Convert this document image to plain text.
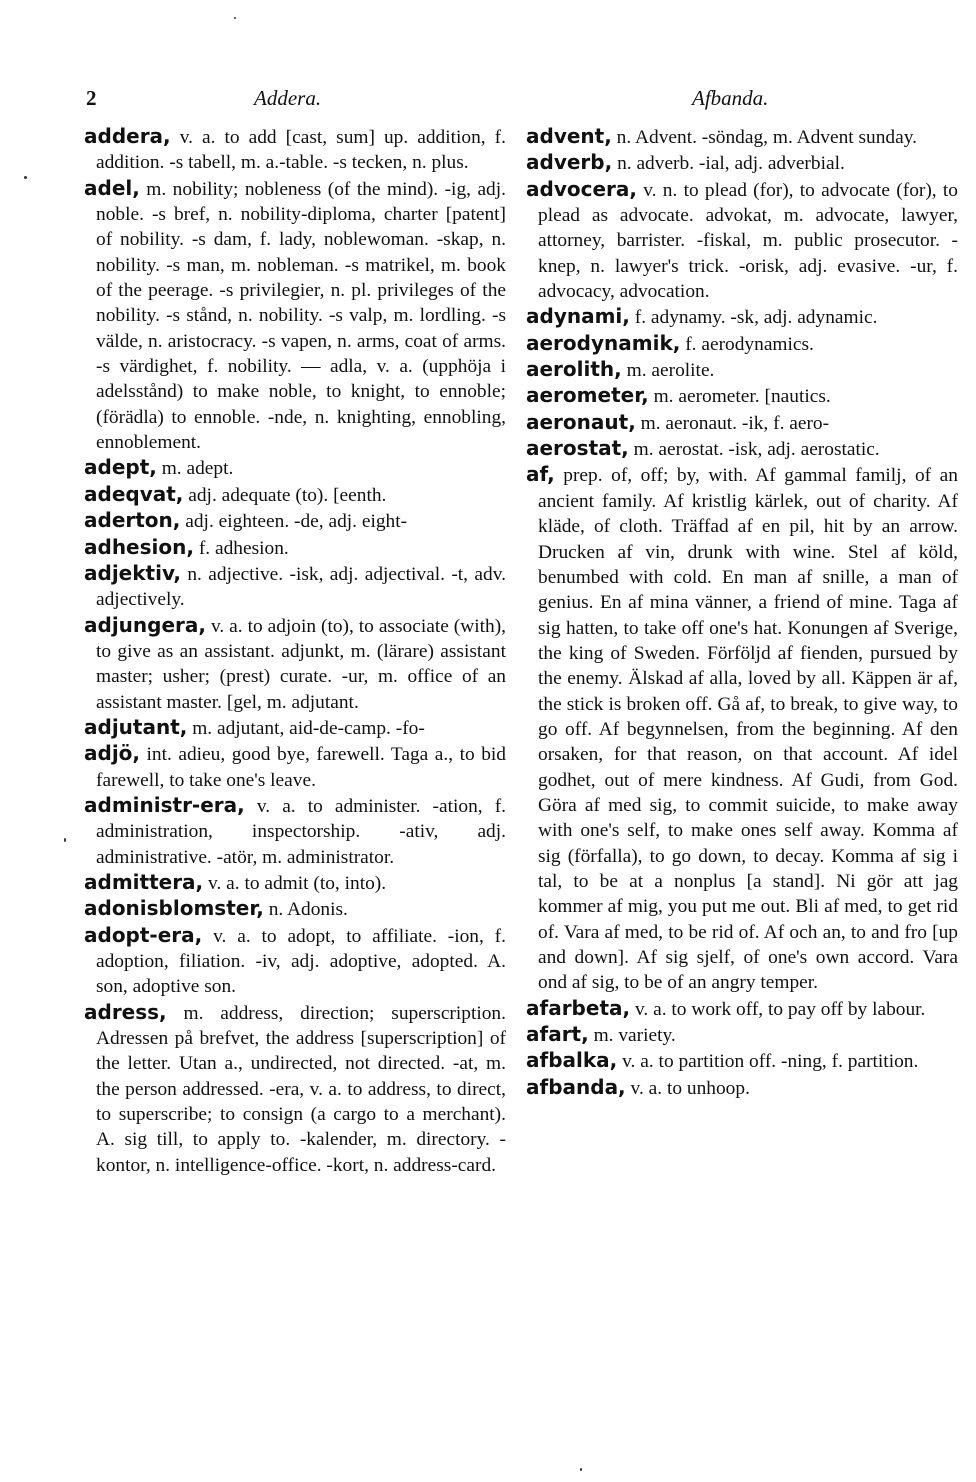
2	Addera.	Afbanda.

addera, v. a. to add [cast, sum] up. addition, f. addition. -s tabell, m. a.-table. -s tecken, n. plus.

adel, m. nobility; nobleness (of the mind). -ig, adj. noble. -s bref, n. nobility-diploma, charter [patent] of nobility. -s dam, f. lady, noblewoman. -skap, n. nobility. -s man, m. nobleman. -s matrikel, m. book of the peerage. -s privilegier, n. pl. privileges of the nobility. -s stånd, n. nobility. -s valp, m. lordling. -s välde, n. aristocracy. -s vapen, n. arms, coat of arms. -s värdighet, f. nobility. — adla, v. a. (upphöja i adelsstånd) to make noble, to knight, to ennoble; (förädla) to ennoble. -nde, n. knighting, ennobling, ennoblement.

adept, m. adept.

adeqvat, adj. adequate (to). [eenth.

aderton, adj. eighteen. -de, adj. eight-

adhesion, f. adhesion.

adjektiv, n. adjective. -isk, adj. adjectival. -t, adv. adjectively.

adjungera, v. a. to adjoin (to), to associate (with), to give as an assistant. adjunkt, m. (lärare) assistant master; usher; (prest) curate. -ur, m. office of an assistant master. [gel, m. adjutant.

adjutant, m. adjutant, aid-de-camp. -fo-

adjö, int. adieu, good bye, farewell. Taga a., to bid farewell, to take one's leave.

administr-era, v. a. to administer. -ation, f. administration, inspectorship. -ativ, adj. administrative. -atör, m. administrator.

admittera, v. a. to admit (to, into).

adonisblomster, n. Adonis.

adopt-era, v. a. to adopt, to affiliate. -ion, f. adoption, filiation. -iv, adj. adoptive, adopted. A. son, adoptive son.

adress, m. address, direction; superscription. Adressen på brefvet, the address [superscription] of the letter. Utan a., undirected, not directed. -at, m. the person addressed. -era, v. a. to address, to direct, to superscribe; to consign (a cargo to a merchant). A. sig till, to apply to. -kalender, m. directory. -kontor, n. intelligence-office. -kort, n. address-card.

advent, n. Advent. -söndag, m. Advent sunday.

adverb, n. adverb. -ial, adj. adverbial.

advocera, v. n. to plead (for), to advocate (for), to plead as advocate. advokat, m. advocate, lawyer, attorney, barrister. -fiskal, m. public prosecutor. -knep, n. lawyer's trick. -orisk, adj. evasive. -ur, f. advocacy, advocation.

adynami, f. adynamy. -sk, adj. adynamic.

aerodynamik, f. aerodynamics.

aerolith, m. aerolite.

aerometer, m. aerometer. [nautics.

aeronaut, m. aeronaut. -ik, f. aero-

aerostat, m. aerostat. -isk, adj. aerostatic.

af, prep. of, off; by, with. Af gammal familj, of an ancient family. Af kristlig kärlek, out of charity. Af kläde, of cloth. Träffad af en pil, hit by an arrow. Drucken af vin, drunk with wine. Stel af köld, benumbed with cold. En man af snille, a man of genius. En af mina vänner, a friend of mine. Taga af sig hatten, to take off one's hat. Konungen af Sverige, the king of Sweden. Förföljd af fienden, pursued by the enemy. Älskad af alla, loved by all. Käppen är af, the stick is broken off. Gå af, to break, to give way, to go off. Af begynnelsen, from the beginning. Af den orsaken, for that reason, on that account. Af idel godhet, out of mere kindness. Af Gudi, from God. Göra af med sig, to commit suicide, to make away with one's self, to make ones self away. Komma af sig (förfalla), to go down, to decay. Komma af sig i tal, to be at a nonplus [a stand]. Ni gör att jag kommer af mig, you put me out. Bli af med, to get rid of. Vara af med, to be rid of. Af och an, to and fro [up and down]. Af sig sjelf, of one's own accord. Vara ond af sig, to be of an angry temper.

afarbeta, v. a. to work off, to pay off by labour.

afart, m. variety.

afbalka, v. a. to partition off. -ning, f. partition.

afbanda, v. a. to unhoop.
